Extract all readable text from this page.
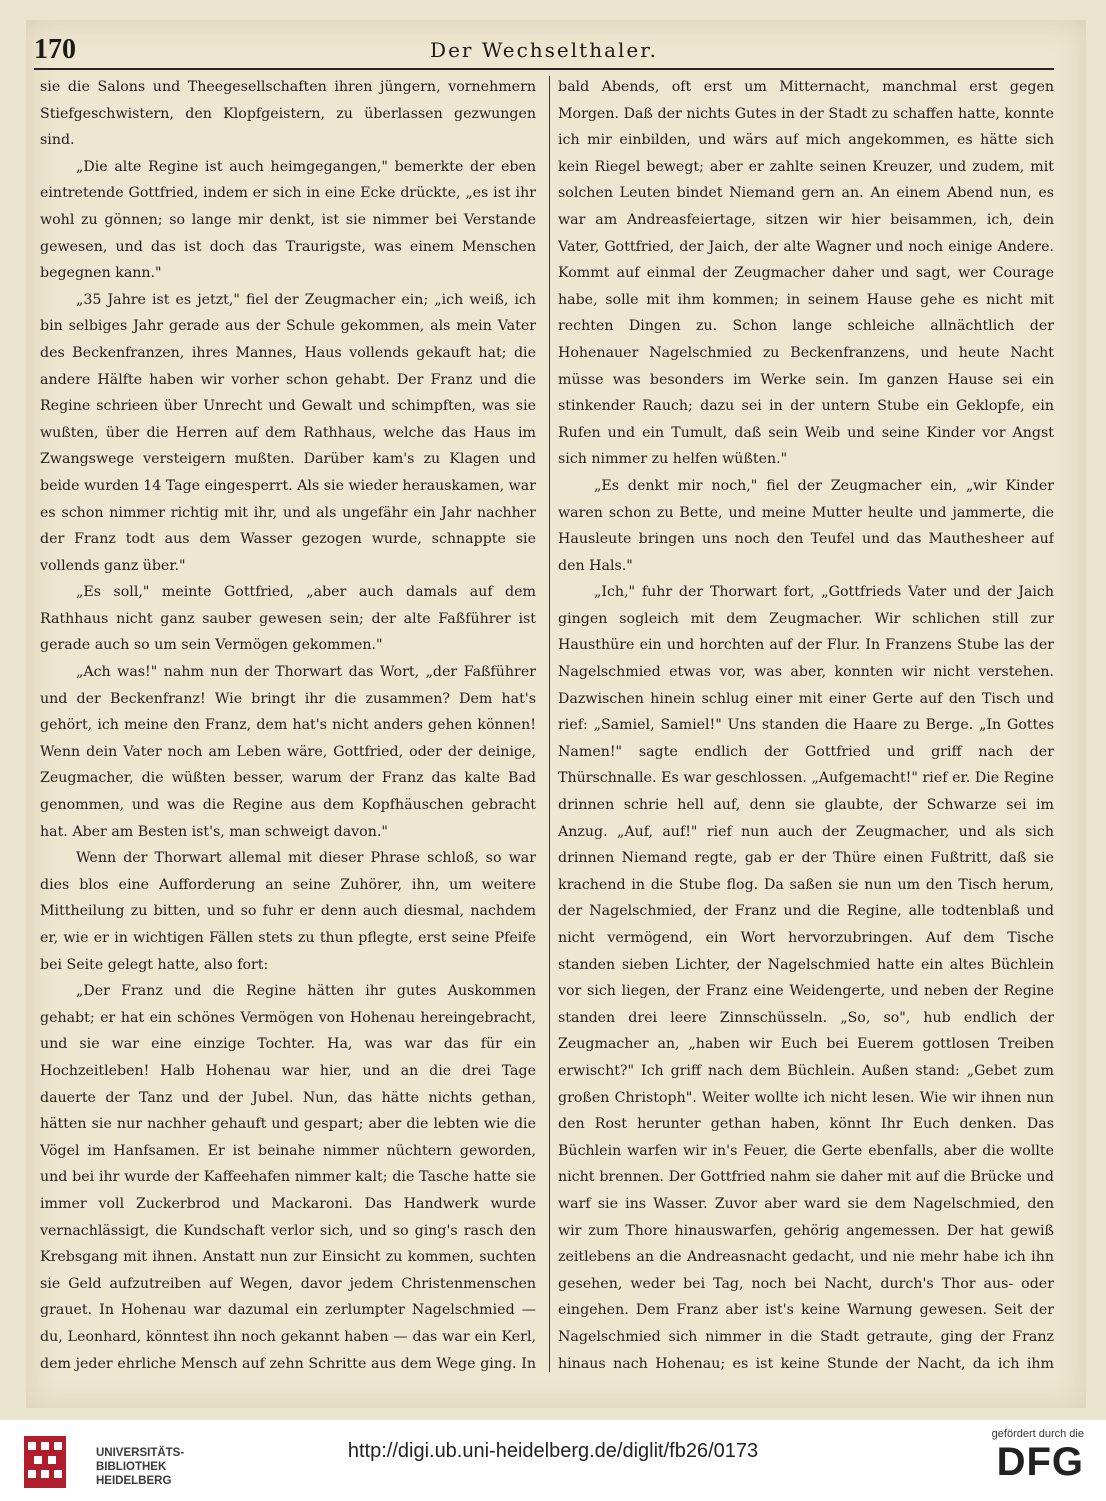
170	Der Wechselthaler.

sie die Salons und Theegesellschaften ihren jüngern, vornehmern Stiefgeschwistern, den Klopfgeistern, zu überlassen gezwungen sind.

„Die alte Regine ist auch heimgegangen," bemerkte der eben eintretende Gottfried, indem er sich in eine Ecke drückte, „es ist ihr wohl zu gönnen; so lange mir denkt, ist sie nimmer bei Verstande gewesen, und das ist doch das Traurigste, was einem Menschen begegnen kann."

„35 Jahre ist es jetzt," fiel der Zeugmacher ein; „ich weiß, ich bin selbiges Jahr gerade aus der Schule gekommen, als mein Vater des Beckenfranzen, ihres Mannes, Haus vollends gekauft hat; die andere Hälfte haben wir vorher schon gehabt. Der Franz und die Regine schrieen über Unrecht und Gewalt und schimpften, was sie wußten, über die Herren auf dem Rathhaus, welche das Haus im Zwangswege versteigern mußten. Darüber kam's zu Klagen und beide wurden 14 Tage eingesperrt. Als sie wieder herauskamen, war es schon nimmer richtig mit ihr, und als ungefähr ein Jahr nachher der Franz todt aus dem Wasser gezogen wurde, schnappte sie vollends ganz über."

„Es soll," meinte Gottfried, „aber auch damals auf dem Rathhaus nicht ganz sauber gewesen sein; der alte Faßführer ist gerade auch so um sein Vermögen gekommen."

„Ach was!" nahm nun der Thorwart das Wort, „der Faßführer und der Beckenfranz! Wie bringt ihr die zusammen? Dem hat's gehört, ich meine den Franz, dem hat's nicht anders gehen können! Wenn dein Vater noch am Leben wäre, Gottfried, oder der deinige, Zeugmacher, die wüßten besser, warum der Franz das kalte Bad genommen, und was die Regine aus dem Kopfhäuschen gebracht hat. Aber am Besten ist's, man schweigt davon."

Wenn der Thorwart allemal mit dieser Phrase schloß, so war dies blos eine Aufforderung an seine Zuhörer, ihn, um weitere Mittheilung zu bitten, und so fuhr er denn auch diesmal, nachdem er, wie er in wichtigen Fällen stets zu thun pflegte, erst seine Pfeife bei Seite gelegt hatte, also fort:

„Der Franz und die Regine hätten ihr gutes Auskommen gehabt; er hat ein schönes Vermögen von Hohenau hereingebracht, und sie war eine einzige Tochter. Ha, was war das für ein Hochzeitleben! Halb Hohenau war hier, und an die drei Tage dauerte der Tanz und der Jubel. Nun, das hätte nichts gethan, hätten sie nur nachher gehauft und gespart; aber die lebten wie die Vögel im Hanfsamen. Er ist beinahe nimmer nüchtern geworden, und bei ihr wurde der Kaffeehafen nimmer kalt; die Tasche hatte sie immer voll Zuckerbrod und Mackaroni. Das Handwerk wurde vernachlässigt, die Kundschaft verlor sich, und so ging's rasch den Krebsgang mit ihnen. Anstatt nun zur Einsicht zu kommen, suchten sie Geld aufzutreiben auf Wegen, davor jedem Christenmenschen grauet. In Hohenau war dazumal ein zerlumpter Nagelschmied — du, Leonhard, könntest ihn noch gekannt haben — das war ein Kerl, dem jeder ehrliche Mensch auf zehn Schritte aus dem Wege ging. In

bald Abends, oft erst um Mitternacht, manchmal erst gegen Morgen. Daß der nichts Gutes in der Stadt zu schaffen hatte, konnte ich mir einbilden, und wärs auf mich angekommen, es hätte sich kein Riegel bewegt; aber er zahlte seinen Kreuzer, und zudem, mit solchen Leuten bindet Niemand gern an. An einem Abend nun, es war am Andreasfeiertage, sitzen wir hier beisammen, ich, dein Vater, Gottfried, der Jaich, der alte Wagner und noch einige Andere. Kommt auf einmal der Zeugmacher daher und sagt, wer Courage habe, solle mit ihm kommen; in seinem Hause gehe es nicht mit rechten Dingen zu. Schon lange schleiche allnächtlich der Hohenauer Nagelschmied zu Beckenfranzens, und heute Nacht müsse was besonders im Werke sein. Im ganzen Hause sei ein stinkender Rauch; dazu sei in der untern Stube ein Geklopfe, ein Rufen und ein Tumult, daß sein Weib und seine Kinder vor Angst sich nimmer zu helfen wüßten."

„Es denkt mir noch," fiel der Zeugmacher ein, „wir Kinder waren schon zu Bette, und meine Mutter heulte und jammerte, die Hausleute bringen uns noch den Teufel und das Mauthesheer auf den Hals."

„Ich," fuhr der Thorwart fort, „Gottfrieds Vater und der Jaich gingen sogleich mit dem Zeugmacher. Wir schlichen still zur Hausthüre ein und horchten auf der Flur. In Franzens Stube las der Nagelschmied etwas vor, was aber, konnten wir nicht verstehen. Dazwischen hinein schlug einer mit einer Gerte auf den Tisch und rief: „Samiel, Samiel!" Uns standen die Haare zu Berge. „In Gottes Namen!" sagte endlich der Gottfried und griff nach der Thürschnalle. Es war geschlossen. „Aufgemacht!" rief er. Die Regine drinnen schrie hell auf, denn sie glaubte, der Schwarze sei im Anzug. „Auf, auf!" rief nun auch der Zeugmacher, und als sich drinnen Niemand regte, gab er der Thüre einen Fußtritt, daß sie krachend in die Stube flog. Da saßen sie nun um den Tisch herum, der Nagelschmied, der Franz und die Regine, alle todtenblaß und nicht vermögend, ein Wort hervorzubringen. Auf dem Tische standen sieben Lichter, der Nagelschmied hatte ein altes Büchlein vor sich liegen, der Franz eine Weidengerte, und neben der Regine standen drei leere Zinnschüsseln. „So, so", hub endlich der Zeugmacher an, „haben wir Euch bei Euerem gottlosen Treiben erwischt?" Ich griff nach dem Büchlein. Außen stand: „Gebet zum großen Christoph". Weiter wollte ich nicht lesen. Wie wir ihnen nun den Rost herunter gethan haben, könnt Ihr Euch denken. Das Büchlein warfen wir in's Feuer, die Gerte ebenfalls, aber die wollte nicht brennen. Der Gottfried nahm sie daher mit auf die Brücke und warf sie ins Wasser. Zuvor aber ward sie dem Nagelschmied, den wir zum Thore hinauswarfen, gehörig angemessen. Der hat gewiß zeitlebens an die Andreasnacht gedacht, und nie mehr habe ich ihn gesehen, weder bei Tag, noch bei Nacht, durch's Thor aus- oder eingehen. Dem Franz aber ist's keine Warnung gewesen. Seit der Nagelschmied sich nimmer in die Stadt getraute, ging der Franz hinaus nach Hohenau; es ist keine Stunde der Nacht, da ich ihm

UNIVERSITÄTS-
BIBLIOTHEK
HEIDELBERG
http://digi.ub.uni-heidelberg.de/diglit/fb26/0173
gefördert durch die
DFG
